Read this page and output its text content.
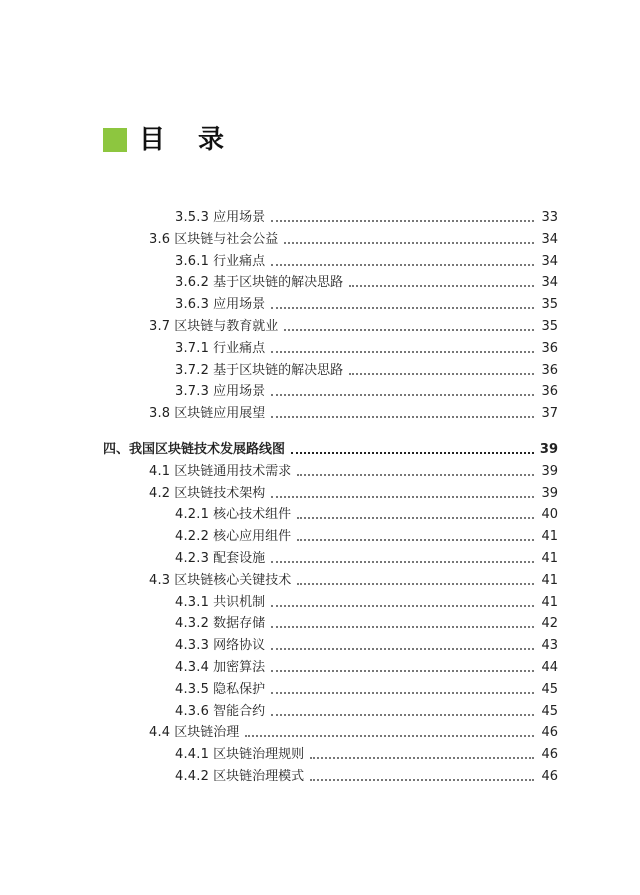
目 录
3.5.3 应用场景	33
3.6 区块链与社会公益	34
3.6.1 行业痛点	34
3.6.2 基于区块链的解决思路	34
3.6.3 应用场景	35
3.7 区块链与教育就业	35
3.7.1 行业痛点	36
3.7.2 基于区块链的解决思路	36
3.7.3 应用场景	36
3.8 区块链应用展望	37
四、我国区块链技术发展路线图	39
4.1 区块链通用技术需求	39
4.2 区块链技术架构	39
4.2.1 核心技术组件	40
4.2.2 核心应用组件	41
4.2.3 配套设施	41
4.3 区块链核心关键技术	41
4.3.1 共识机制	41
4.3.2 数据存储	42
4.3.3 网络协议	43
4.3.4 加密算法	44
4.3.5 隐私保护	45
4.3.6 智能合约	45
4.4 区块链治理	46
4.4.1 区块链治理规则	46
4.4.2 区块链治理模式	46
